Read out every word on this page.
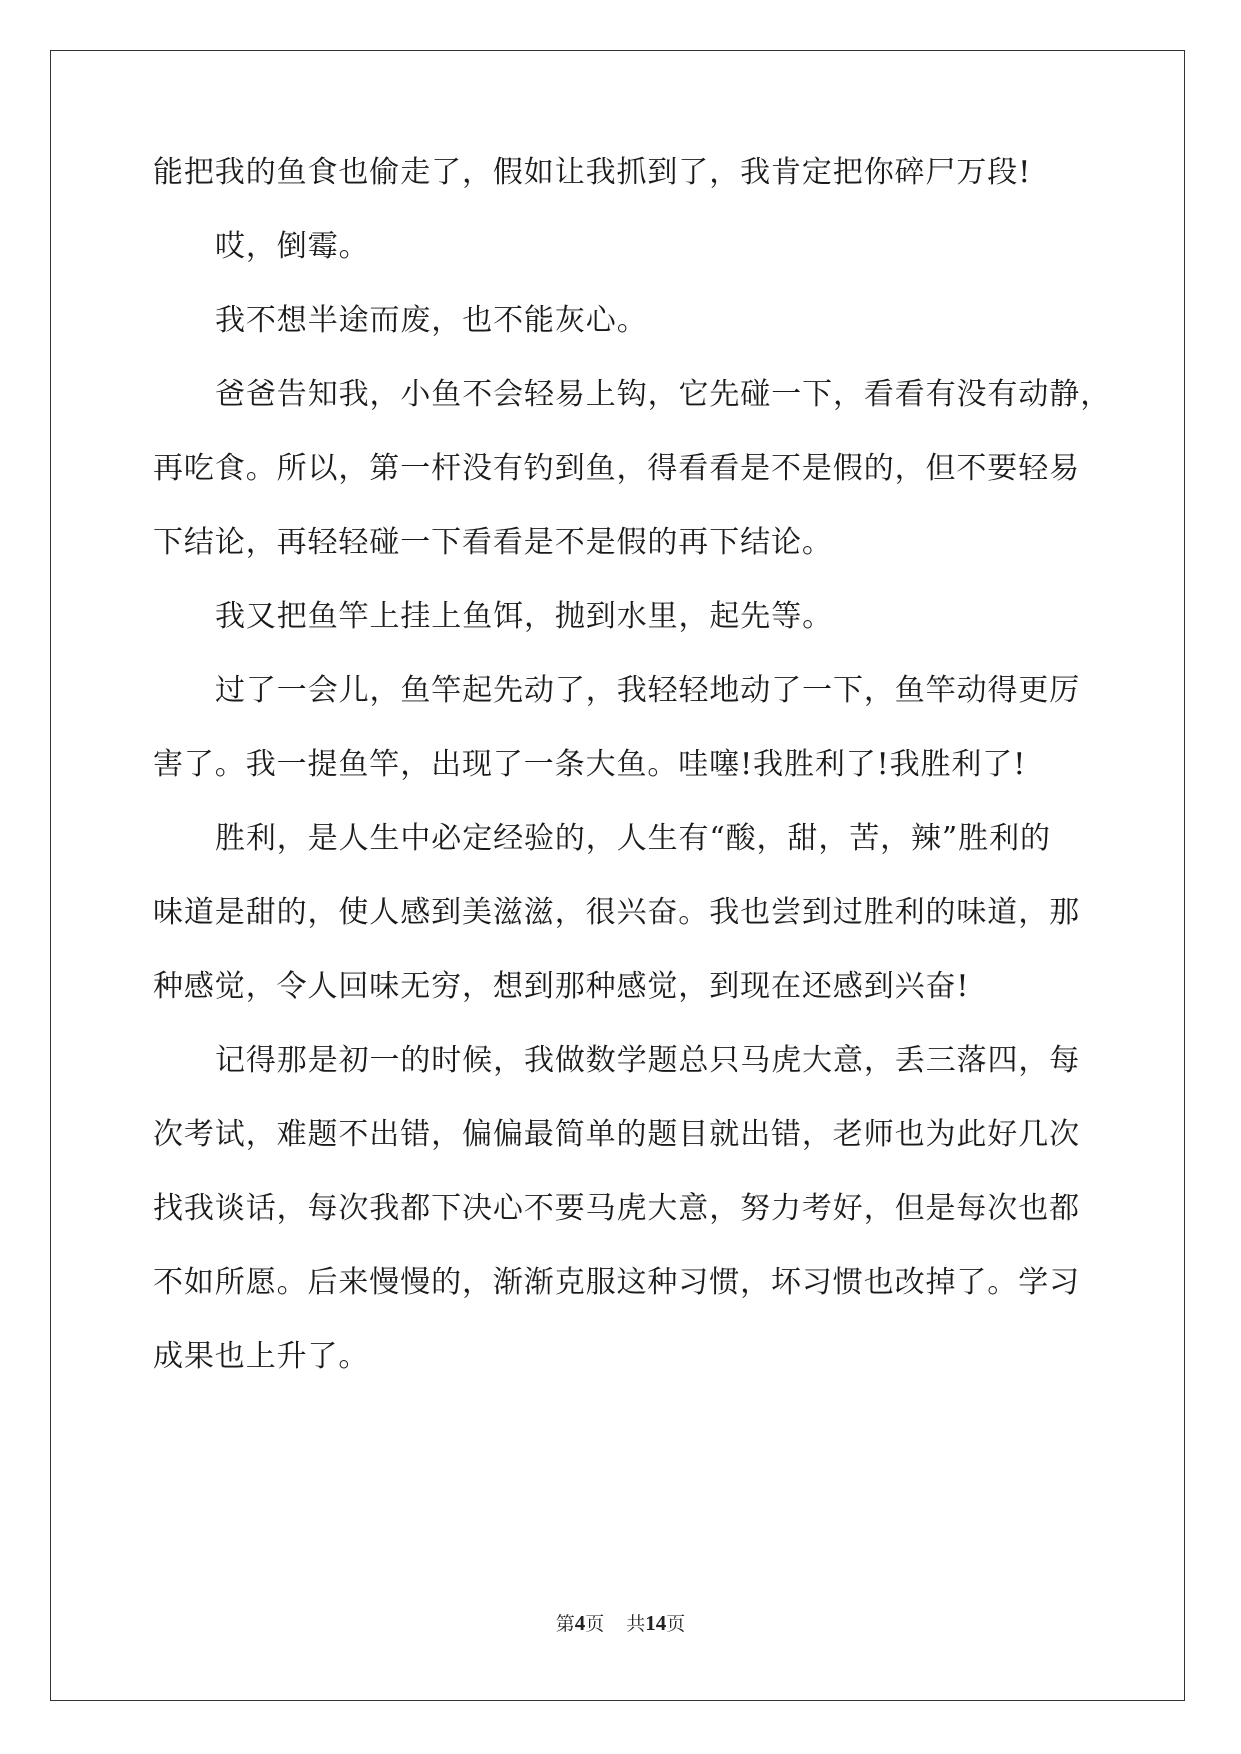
能把我的鱼食也偷走了，假如让我抓到了，我肯定把你碎尸万段!
哎，倒霉。
我不想半途而废，也不能灰心。
爸爸告知我，小鱼不会轻易上钩，它先碰一下，看看有没有动静，
再吃食。所以，第一杆没有钓到鱼，得看看是不是假的，但不要轻易
下结论，再轻轻碰一下看看是不是假的再下结论。
我又把鱼竿上挂上鱼饵，抛到水里，起先等。
过了一会儿，鱼竿起先动了，我轻轻地动了一下，鱼竿动得更厉
害了。我一提鱼竿，出现了一条大鱼。哇噻!我胜利了!我胜利了!
胜利，是人生中必定经验的，人生有“酸，甜，苦，辣”胜利的
味道是甜的，使人感到美滋滋，很兴奋。我也尝到过胜利的味道，那
种感觉，令人回味无穷，想到那种感觉，到现在还感到兴奋!
记得那是初一的时候，我做数学题总只马虎大意，丢三落四，每
次考试，难题不出错，偏偏最简单的题目就出错，老师也为此好几次
找我谈话，每次我都下决心不要马虎大意，努力考好，但是每次也都
不如所愿。后来慢慢的，渐渐克服这种习惯，坏习惯也改掉了。学习
成果也上升了。
第4页 共14页
